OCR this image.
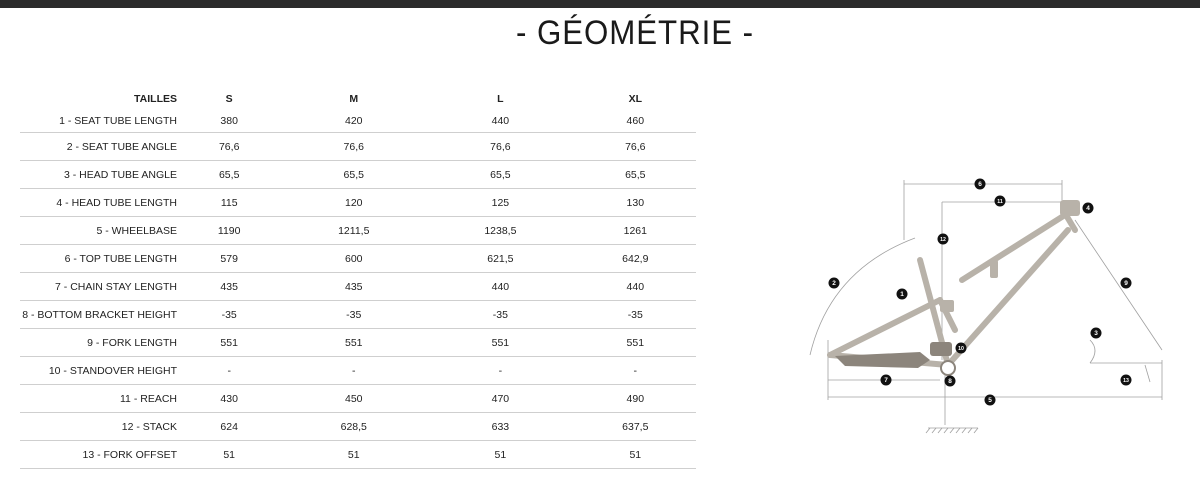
- GÉOMÉTRIE -
TAILLES	S	M	L	XL
1 - SEAT TUBE LENGTH	380	420	440	460
2 - SEAT TUBE ANGLE	76,6	76,6	76,6	76,6
3 - HEAD TUBE ANGLE	65,5	65,5	65,5	65,5
4 - HEAD TUBE LENGTH	115	120	125	130
5 - WHEELBASE	1190	1211,5	1238,5	1261
6 - TOP TUBE LENGTH	579	600	621,5	642,9
7 - CHAIN STAY LENGTH	435	435	440	440
8 - BOTTOM BRACKET HEIGHT	-35	-35	-35	-35
9 - FORK LENGTH	551	551	551	551
10 - STANDOVER HEIGHT	-	-	-	-
11 - REACH	430	450	470	490
12 - STACK	624	628,5	633	637,5
13 - FORK OFFSET	51	51	51	51
1
2
3
4
5
6
7	8
9
10
11
12
13
